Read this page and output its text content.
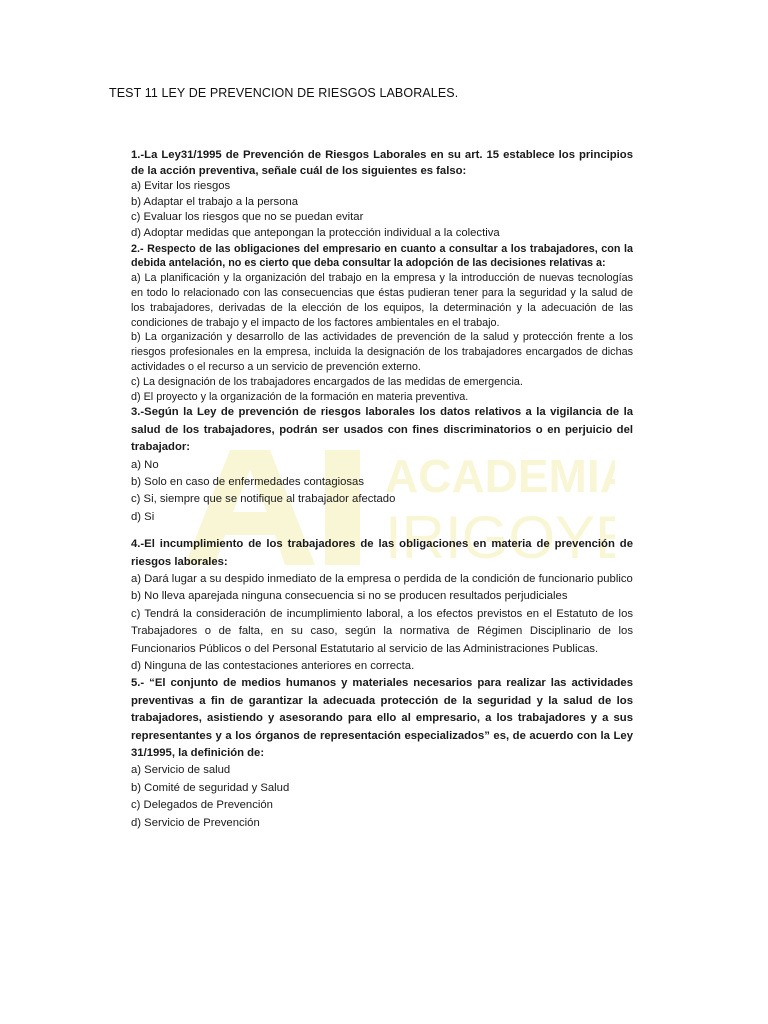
TEST 11 LEY DE PREVENCION DE RIESGOS LABORALES.
ACADEMIA
IRIGOY
1.-La Ley31/1995 de Prevención de Riesgos Laborales en su art. 15 establece los principios de la acción preventiva, señale cuál de los siguientes es falso:
a) Evitar los riesgos
b) Adaptar el trabajo a la persona
c) Evaluar los riesgos que no se puedan evitar
d) Adoptar medidas que antepongan la protección individual a la colectiva
2.- Respecto de las obligaciones del empresario en cuanto a consultar a los trabajadores, con la debida antelación, no es cierto que deba consultar la adopción de las decisiones relativas a:
a) La planificación y la organización del trabajo en la empresa y la introducción de nuevas tecnologías en todo lo relacionado con las consecuencias que éstas pudieran tener para la seguridad y la salud de los trabajadores, derivadas de la elección de los equipos, la determinación y la adecuación de las condiciones de trabajo y el impacto de los factores ambientales en el trabajo.
b) La organización y desarrollo de las actividades de prevención de la salud y protección frente a los riesgos profesionales en la empresa, incluida la designación de los trabajadores encargados de dichas actividades o el recurso a un servicio de prevención externo.
c) La designación de los trabajadores encargados de las medidas de emergencia.
d) El proyecto y la organización de la formación en materia preventiva.
3.-Según la Ley de prevención de riesgos laborales los datos relativos a la vigilancia de la salud de los trabajadores, podrán ser usados con fines discriminatorios o en perjuicio del trabajador:
a) No
b) Solo en caso de enfermedades contagiosas
c) Si, siempre que se notifique al trabajador afectado
d) Si
4.-El incumplimiento de los trabajadores de las obligaciones en materia de prevención de riesgos laborales:
a) Dará lugar a su despido inmediato de la empresa o perdida de la condición de funcionario publico
b) No lleva aparejada ninguna consecuencia si no se producen resultados perjudiciales
c) Tendrá la consideración de incumplimiento laboral, a los efectos previstos en el Estatuto de los Trabajadores o de falta, en su caso, según la normativa de Régimen Disciplinario de los Funcionarios Públicos o del Personal Estatutario al servicio de las Administraciones Publicas.
d) Ninguna de las contestaciones anteriores en correcta.
5.- “El conjunto de medios humanos y materiales necesarios para realizar las actividades preventivas a fin de garantizar la adecuada protección de la seguridad y la salud de los trabajadores, asistiendo y asesorando para ello al empresario, a los trabajadores y a sus representantes y a los órganos de representación especializados” es, de acuerdo con la Ley 31/1995, la definición de:
a) Servicio de salud
b) Comité de seguridad y Salud
c) Delegados de Prevención
d) Servicio de Prevención
